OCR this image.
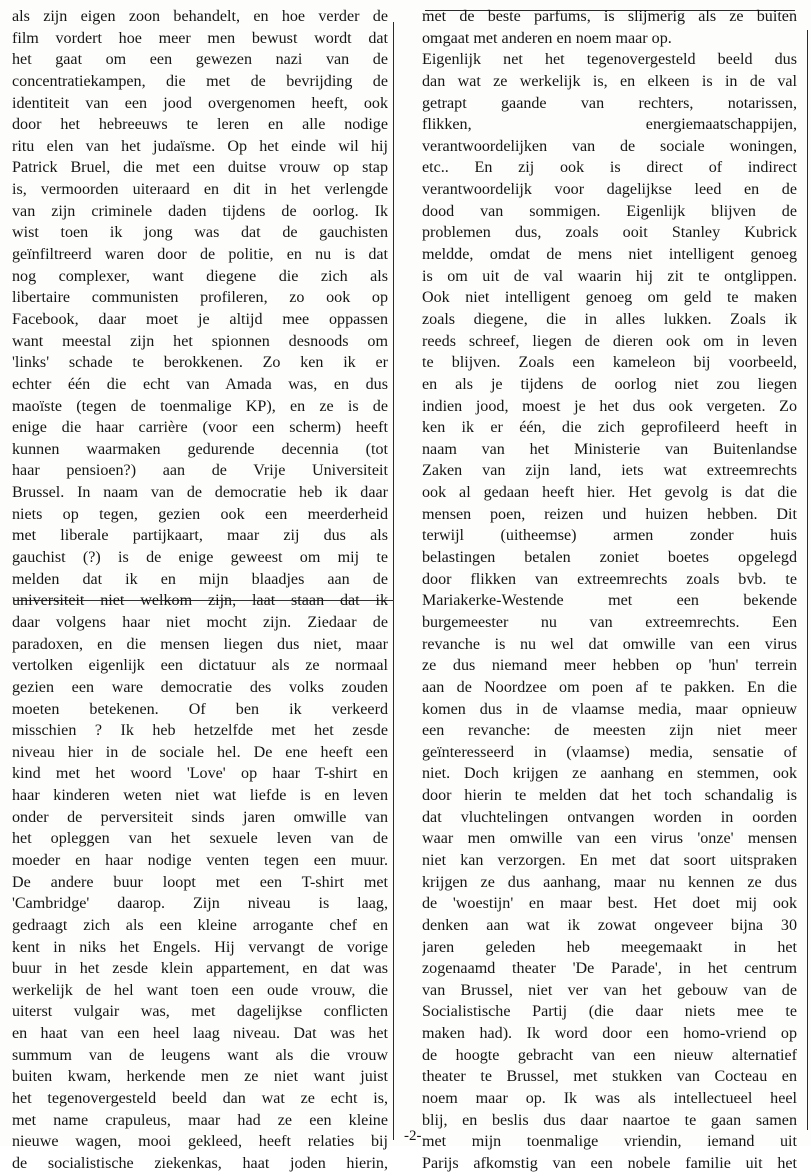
als zijn eigen zoon behandelt, en hoe verder de
film vordert hoe meer men bewust wordt dat
het gaat om een gewezen nazi van de
concentratiekampen, die met de bevrijding de
identiteit van een jood overgenomen heeft, ook
door het hebreeuws te leren en alle nodige
ritu elen van het judaïsme. Op het einde wil hij
Patrick Bruel, die met een duitse vrouw op stap
is, vermoorden uiteraard en dit in het verlengde
van zijn criminele daden tijdens de oorlog. Ik
wist toen ik jong was dat de gauchisten
geïnfiltreerd waren door de politie, en nu is dat
nog complexer, want diegene die zich als
libertaire communisten profileren, zo ook op
Facebook, daar moet je altijd mee oppassen
want meestal zijn het spionnen desnoods om
'links' schade te berokkenen. Zo ken ik er
echter één die echt van Amada was, en dus
maoïste (tegen de toenmalige KP), en ze is de
enige die haar carrière (voor een scherm) heeft
kunnen waarmaken gedurende decennia (tot
haar pensioen?) aan de Vrije Universiteit
Brussel. In naam van de democratie heb ik daar
niets op tegen, gezien ook een meerderheid
met liberale partijkaart, maar zij dus als
gauchist (?) is de enige geweest om mij te
melden dat ik en mijn blaadjes aan de
universiteit niet welkom zijn, laat staan dat ik
daar volgens haar niet mocht zijn. Ziedaar de
paradoxen, en die mensen liegen dus niet, maar
vertolken eigenlijk een dictatuur als ze normaal
gezien een ware democratie des volks zouden
moeten betekenen. Of ben ik verkeerd
misschien ? Ik heb hetzelfde met het zesde
niveau hier in de sociale hel. De ene heeft een
kind met het woord 'Love' op haar T-shirt en
haar kinderen weten niet wat liefde is en leven
onder de perversiteit sinds jaren omwille van
het opleggen van het sexuele leven van de
moeder en haar nodige venten tegen een muur.
De andere buur loopt met een T-shirt met
'Cambridge' daarop. Zijn niveau is laag,
gedraagt zich als een kleine arrogante chef en
kent in niks het Engels. Hij vervangt de vorige
buur in het zesde klein appartement, en dat was
werkelijk de hel want toen een oude vrouw, die
uiterst vulgair was, met dagelijkse conflicten
en haat van een heel laag niveau. Dat was het
summum van de leugens want als die vrouw
buiten kwam, herkende men ze niet want juist
het tegenovergesteld beeld dan wat ze echt is,
met name crapuleus, maar had ze een kleine
nieuwe wagen, mooi gekleed, heeft relaties bij
de socialistische ziekenkas, haat joden hierin,
met de beste parfums, is slijmerig als ze buiten
omgaat met anderen en noem maar op.
Eigenlijk net het tegenovergesteld beeld dus
dan wat ze werkelijk is, en elkeen is in de val
getrapt gaande van rechters, notarissen,
flikken, energiemaatschappijen,
verantwoordelijken van de sociale woningen,
etc.. En zij ook is direct of indirect
verantwoordelijk voor dagelijkse leed en de
dood van sommigen. Eigenlijk blijven de
problemen dus, zoals ooit Stanley Kubrick
meldde, omdat de mens niet intelligent genoeg
is om uit de val waarin hij zit te ontglippen.
Ook niet intelligent genoeg om geld te maken
zoals diegene, die in alles lukken. Zoals ik
reeds schreef, liegen de dieren ook om in leven
te blijven. Zoals een kameleon bij voorbeeld,
en als je tijdens de oorlog niet zou liegen
indien jood, moest je het dus ook vergeten. Zo
ken ik er één, die zich geprofileerd heeft in
naam van het Ministerie van Buitenlandse
Zaken van zijn land, iets wat extreemrechts
ook al gedaan heeft hier. Het gevolg is dat die
mensen poen, reizen und huizen hebben. Dit
terwijl (uitheemse) armen zonder huis
belastingen betalen zoniet boetes opgelegd
door flikken van extreemrechts zoals bvb. te
Mariakerke-Westende met een bekende
burgemeester nu van extreemrechts. Een
revanche is nu wel dat omwille van een virus
ze dus niemand meer hebben op 'hun' terrein
aan de Noordzee om poen af te pakken. En die
komen dus in de vlaamse media, maar opnieuw
een revanche: de meesten zijn niet meer
geïnteresseerd in (vlaamse) media, sensatie of
niet. Doch krijgen ze aanhang en stemmen, ook
door hierin te melden dat het toch schandalig is
dat vluchtelingen ontvangen worden in oorden
waar men omwille van een virus 'onze' mensen
niet kan verzorgen. En met dat soort uitspraken
krijgen ze dus aanhang, maar nu kennen ze dus
de 'woestijn' en maar best. Het doet mij ook
denken aan wat ik zowat ongeveer bijna 30
jaren geleden heb meegemaakt in het
zogenaamd theater 'De Parade', in het centrum
van Brussel, niet ver van het gebouw van de
Socialistische Partij (die daar niets mee te
maken had). Ik word door een homo-vriend op
de hoogte gebracht van een nieuw alternatief
theater te Brussel, met stukken van Cocteau en
noem maar op. Ik was als intellectueel heel
blij, en beslis dus daar naartoe te gaan samen
met mijn toenmalige vriendin, iemand uit
Parijs afkomstig van een nobele familie uit het
-2-
